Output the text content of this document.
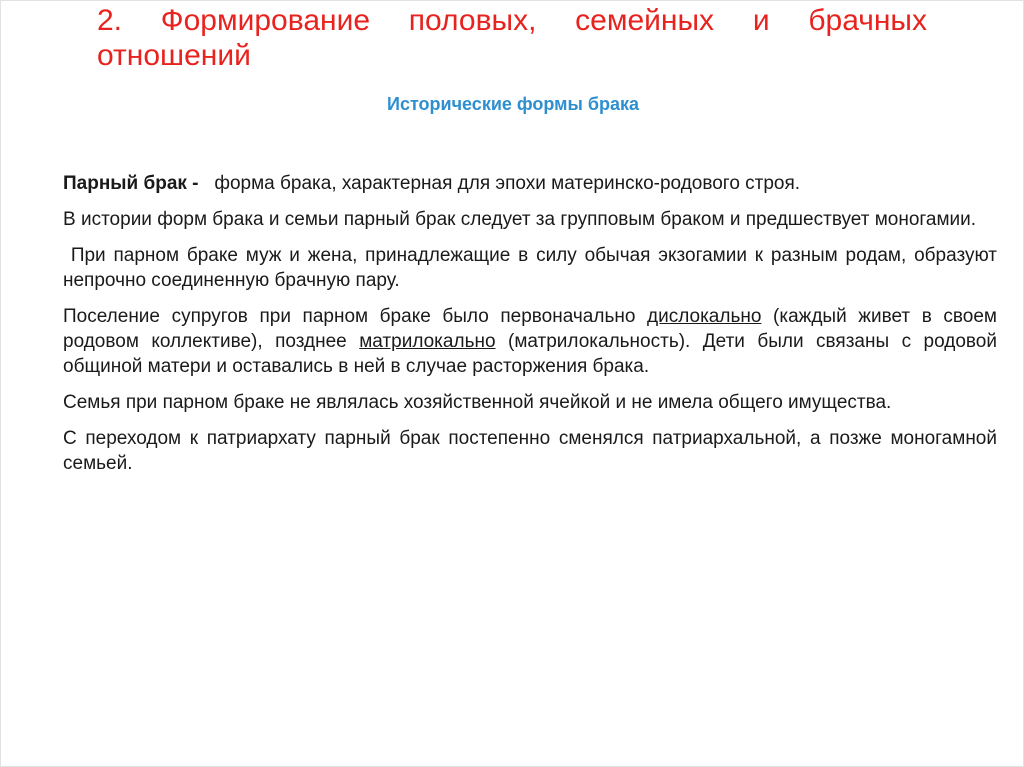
2. Формирование половых, семейных и брачных
отношений
Исторические формы брака

Парный брак -   форма брака, характерная для эпохи материнско-родового строя.

В истории форм брака и семьи парный брак следует за групповым браком и предшествует моногамии.

При парном браке муж и жена, принадлежащие в силу обычая экзогамии к разным родам, образуют непрочно соединенную брачную пару.

Поселение супругов при парном браке было первоначально дислокально (каждый живет в своем родовом коллективе), позднее матрилокально (матрилокальность). Дети были связаны с родовой общиной матери и оставались в ней в случае расторжения брака.

Семья при парном браке не являлась хозяйственной ячейкой и не имела общего имущества.

С переходом к патриархату парный брак постепенно сменялся патриархальной, а позже моногамной семьей.
